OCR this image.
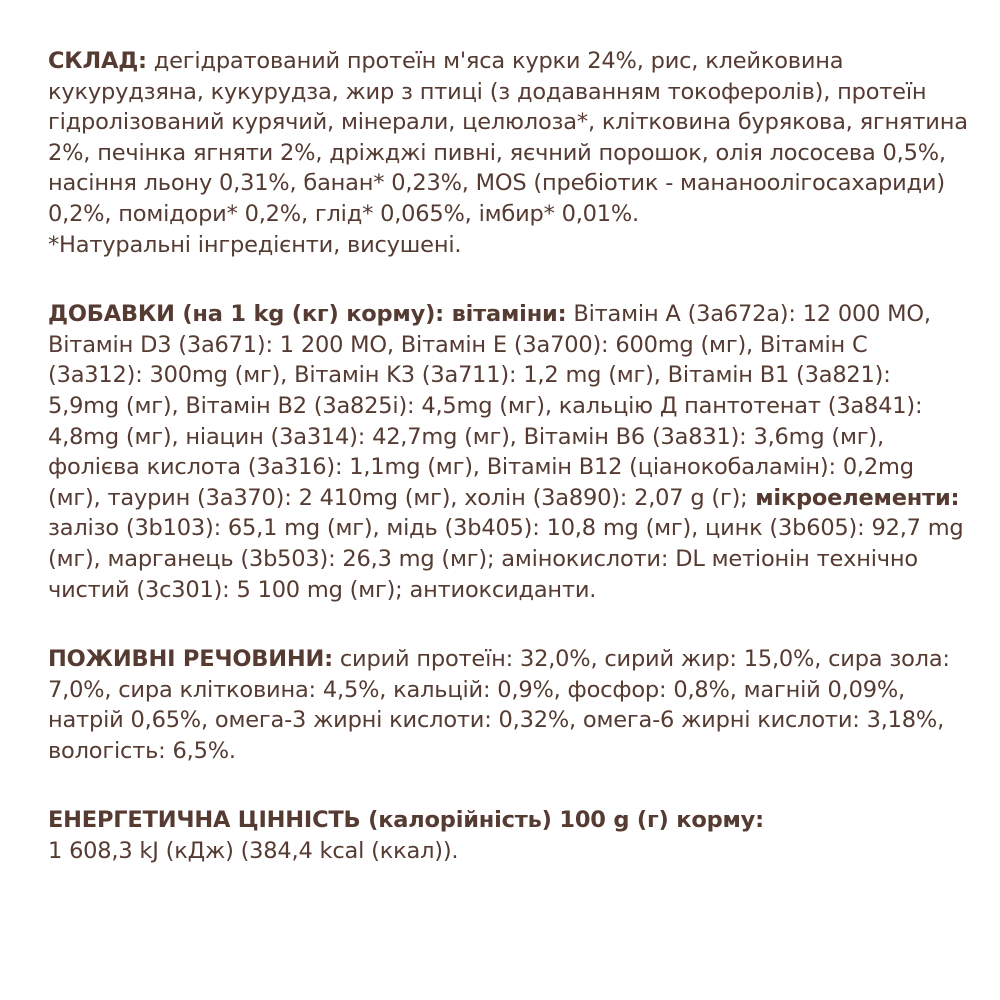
СКЛАД: дегідратований протеїн м'яса курки 24%, рис, клейковина кукурудзяна, кукурудза, жир з птиці (з додаванням токоферолів), протеїн гідролізований курячий, мінерали, целюлоза*, клітковина бурякова, ягнятина 2%, печінка ягняти 2%, дріжджі пивні, яєчний порошок, олія лососева 0,5%, насіння льону 0,31%, банан* 0,23%, MOS (пребіотик - мананоолігосахариди) 0,2%, помідори* 0,2%, глід* 0,065%, імбир* 0,01%.
*Натуральні інгредієнти, висушені.

ДОБАВКИ (на 1 kg (кг) корму): вітаміни: Вітамін A (3a672a): 12 000 МО, Вітамін D3 (3a671): 1 200 МО, Вітамін E (3a700): 600mg (мг), Вітамін C (3a312): 300mg (мг), Вітамін K3 (3a711): 1,2 mg (мг), Вітамін B1 (3a821): 5,9mg (мг), Вітамін B2 (3a825i): 4,5mg (мг), кальцію Д пантотенат (3a841): 4,8mg (мг), ніацин (3a314): 42,7mg (мг), Вітамін B6 (3a831): 3,6mg (мг), фолієва кислота (3a316): 1,1mg (мг), Вітамін B12 (ціанокобаламін): 0,2mg (мг), таурин (3a370): 2 410mg (мг), холін (3a890): 2,07 g (г); мікроелементи: залізо (3b103): 65,1 mg (мг), мідь (3b405): 10,8 mg (мг), цинк (3b605): 92,7 mg (мг), марганець (3b503): 26,3 mg (мг); амінокислоти: DL метіонін технічно чистий (3c301): 5 100 mg (мг); антиоксиданти.

ПОЖИВНІ РЕЧОВИНИ: сирий протеїн: 32,0%, сирий жир: 15,0%, сира зола: 7,0%, сира клітковина: 4,5%, кальцій: 0,9%, фосфор: 0,8%, магній 0,09%, натрій 0,65%, омега-3 жирні кислоти: 0,32%, омега-6 жирні кислоти: 3,18%, вологість: 6,5%.

ЕНЕРГЕТИЧНА ЦІННІСТЬ (калорійність) 100 g (г) корму:
1 608,3 kJ (кДж) (384,4 kcal (ккал)).
